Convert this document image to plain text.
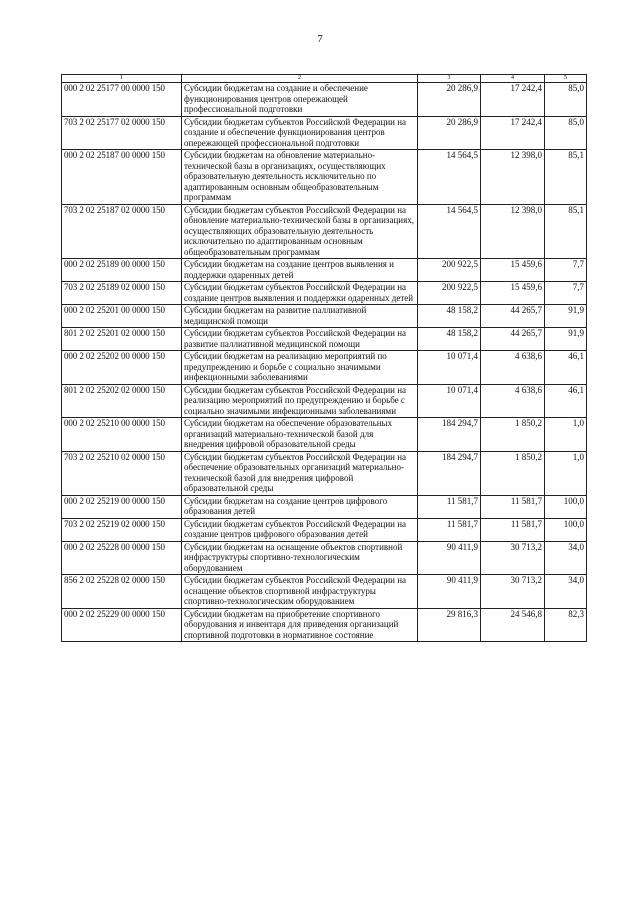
7
1	2	3	4	5
000 2 02 25177 00 0000 150	Субсидии бюджетам на создание и обеспечение функционирования центров опережающей профессиональной подготовки	20 286,9	17 242,4	85,0
703 2 02 25177 02 0000 150	Субсидии бюджетам субъектов Российской Федерации на создание и обеспечение функционирования центров опережающей профессиональной подготовки	20 286,9	17 242,4	85,0
000 2 02 25187 00 0000 150	Субсидии бюджетам на обновление материально-технической базы в организациях, осуществляющих образовательную деятельность исключительно по адаптированным основным общеобразовательным программам	14 564,5	12 398,0	85,1
703 2 02 25187 02 0000 150	Субсидии бюджетам субъектов Российской Федерации на обновление материально-технической базы в организациях, осуществляющих образовательную деятельность исключительно по адаптированным основным общеобразовательным программам	14 564,5	12 398,0	85,1
000 2 02 25189 00 0000 150	Субсидии бюджетам на создание центров выявления и поддержки одаренных детей	200 922,5	15 459,6	7,7
703 2 02 25189 02 0000 150	Субсидии бюджетам субъектов Российской Федерации на создание центров выявления и поддержки одаренных детей	200 922,5	15 459,6	7,7
000 2 02 25201 00 0000 150	Субсидии бюджетам на развитие паллиативной медицинской помощи	48 158,2	44 265,7	91,9
801 2 02 25201 02 0000 150	Субсидии бюджетам субъектов Российской Федерации на развитие паллиативной медицинской помощи	48 158,2	44 265,7	91,9
000 2 02 25202 00 0000 150	Субсидии бюджетам на реализацию мероприятий по предупреждению и борьбе с социально значимыми инфекционными заболеваниями	10 071,4	4 638,6	46,1
801 2 02 25202 02 0000 150	Субсидии бюджетам субъектов Российской Федерации на реализацию мероприятий по предупреждению и борьбе с социально значимыми инфекционными заболеваниями	10 071,4	4 638,6	46,1
000 2 02 25210 00 0000 150	Субсидии бюджетам на обеспечение образовательных организаций материально-технической базой для внедрения цифровой образовательной среды	184 294,7	1 850,2	1,0
703 2 02 25210 02 0000 150	Субсидии бюджетам субъектов Российской Федерации на обеспечение образовательных организаций материально-технической базой для внедрения цифровой образовательной среды	184 294,7	1 850,2	1,0
000 2 02 25219 00 0000 150	Субсидии бюджетам на создание центров цифрового образования детей	11 581,7	11 581,7	100,0
703 2 02 25219 02 0000 150	Субсидии бюджетам субъектов Российской Федерации на создание центров цифрового образования детей	11 581,7	11 581,7	100,0
000 2 02 25228 00 0000 150	Субсидии бюджетам на оснащение объектов спортивной инфраструктуры спортивно-технологическим оборудованием	90 411,9	30 713,2	34,0
856 2 02 25228 02 0000 150	Субсидии бюджетам субъектов Российской Федерации на оснащение объектов спортивной инфраструктуры спортивно-технологическим оборудованием	90 411,9	30 713,2	34,0
000 2 02 25229 00 0000 150	Субсидии бюджетам на приобретение спортивного оборудования и инвентаря для приведения организаций спортивной подготовки в нормативное состояние	29 816,3	24 546,8	82,3
